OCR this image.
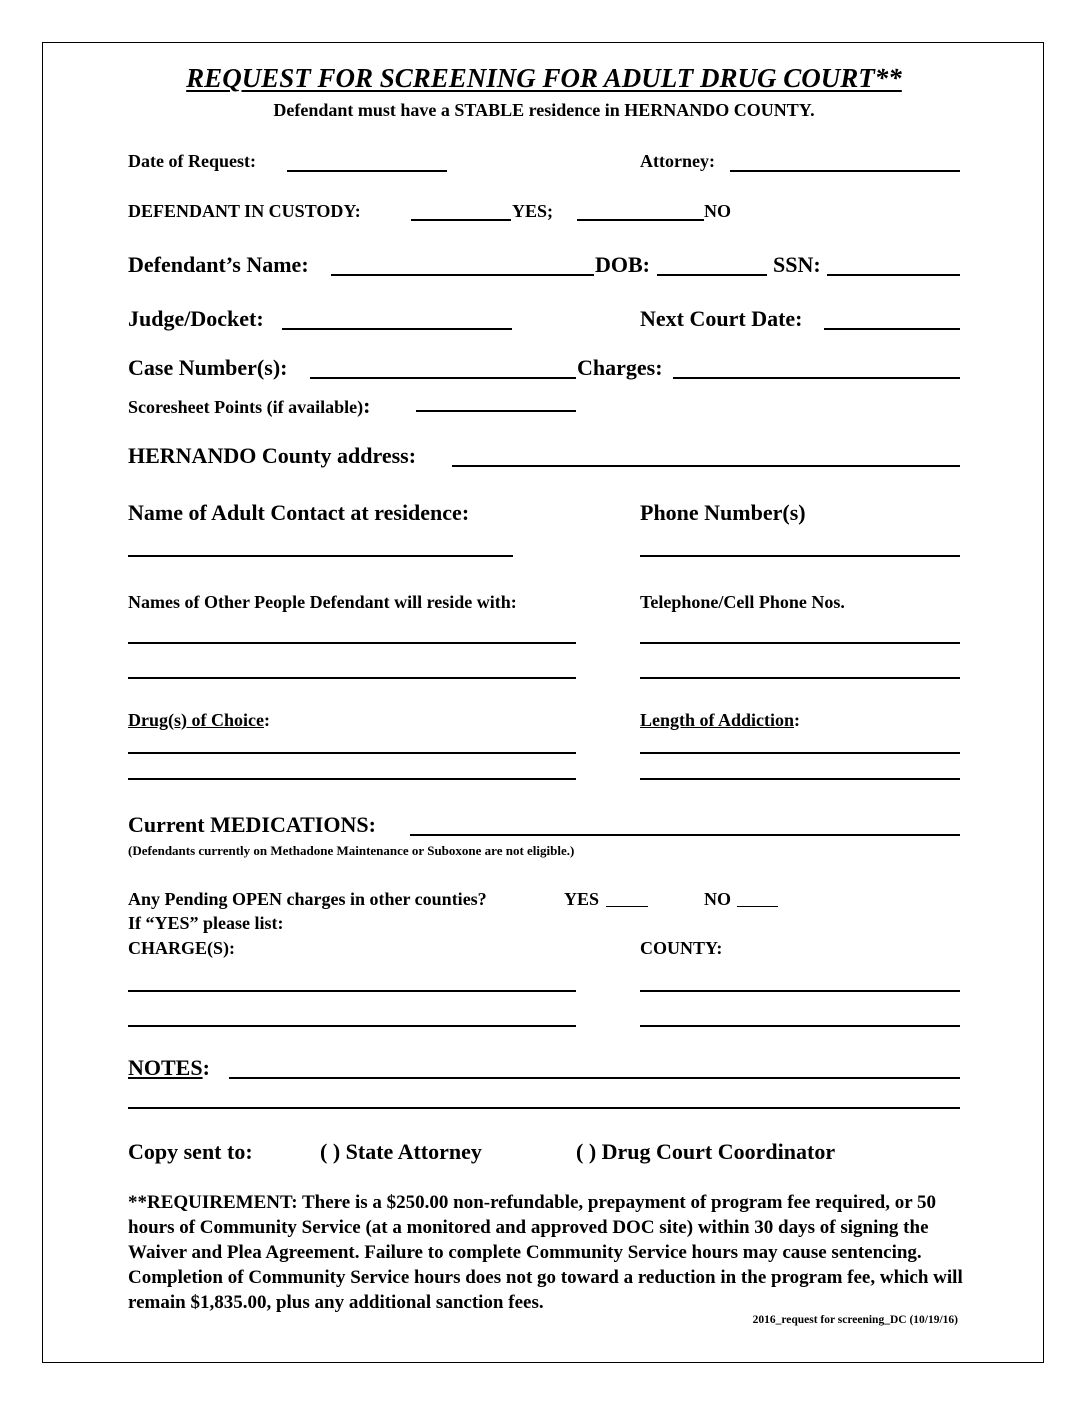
REQUEST FOR SCREENING FOR ADULT DRUG COURT**
Defendant must have a STABLE residence in HERNANDO COUNTY.
Date of Request:	Attorney:
DEFENDANT IN CUSTODY:	YES;	NO
Defendant’s Name:	DOB:	SSN:
Judge/Docket:	Next Court Date:
Case Number(s):	Charges:
Scoresheet Points (if available):
HERNANDO County address:
Name of Adult Contact at residence:	Phone Number(s)
Names of Other People Defendant will reside with:	Telephone/Cell Phone Nos.
Drug(s) of Choice:	Length of Addiction:
Current MEDICATIONS:
(Defendants currently on Methadone Maintenance or Suboxone are not eligible.)
Any Pending OPEN charges in other counties?	YES	NO
If “YES” please list:
CHARGE(S):	COUNTY:
NOTES:
Copy sent to:	( ) State Attorney	( ) Drug Court Coordinator
**REQUIREMENT: There is a $250.00 non-refundable, prepayment of program fee required, or 50 hours of Community Service (at a monitored and approved DOC site) within 30 days of signing the Waiver and Plea Agreement. Failure to complete Community Service hours may cause sentencing. Completion of Community Service hours does not go toward a reduction in the program fee, which will remain $1,835.00, plus any additional sanction fees.
2016_request for screening_DC (10/19/16)
